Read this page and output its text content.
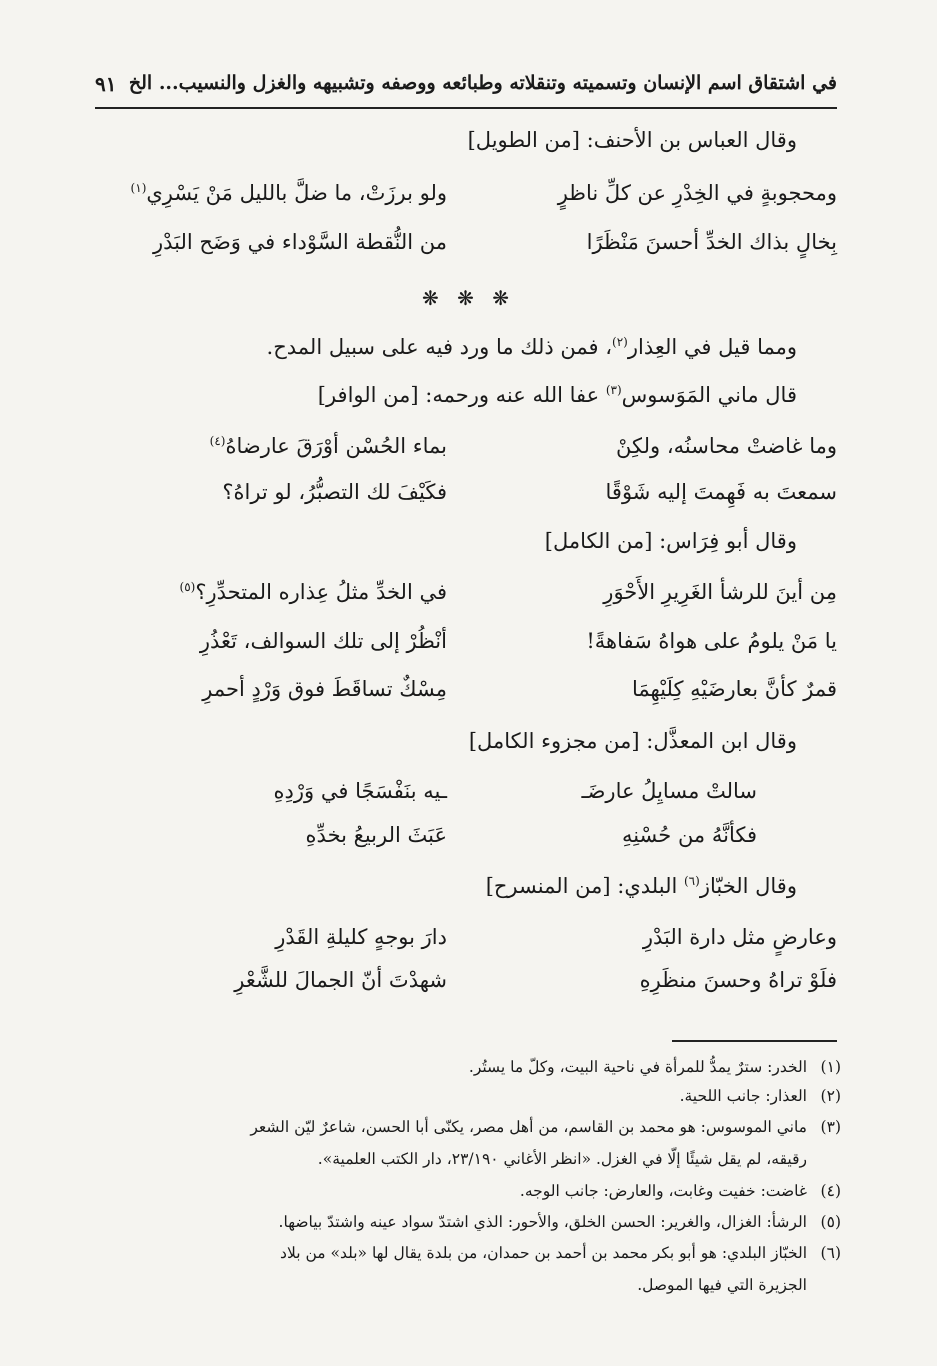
في اشتقاق اسم الإنسان وتسميته وتنقلاته وطبائعه ووصفه وتشبيهه والغزل والنسيب... الخ
٩١
وقال العباس بن الأحنف: [من الطويل]
ومحجوبةٍ في الخِدْرِ عن كلِّ ناظرٍ
ولو برزَتْ، ما ضلَّ بالليل مَنْ يَسْرِي$^{(١)}$
بِخالٍ بذاك الخدِّ أحسنَ مَنْظَرًا
من النُّقطة السَّوْداء في وَضَح البَدْرِ
❋ ❋ ❋
ومما قيل في العِذار$^{(٢)}$، فمن ذلك ما ورد فيه على سبيل المدح.
قال ماني المَوَسوس$^{(٣)}$ عفا الله عنه ورحمه: [من الوافر]
وما غاضتْ محاسنُه، ولكِنْ
بماء الحُسْن أوْرَقَ عارضاهُ$^{(٤)}$
سمعتَ به فَهِمتَ إليه شَوْقًا
فكَيْفَ لك التصبُّرُ، لو تراهُ؟
وقال أبو فِرَاس: [من الكامل]
مِن أينَ للرشأ الغَرِيرِ الأَحْوَرِ
في الخدِّ مثلُ عِذاره المتحدِّرِ؟$^{(٥)}$
يا مَنْ يلومُ على هواهُ سَفاهةً!
أنْظُرْ إلى تلك السوالف، تَعْذُرِ
قمرٌ كأنَّ بعارضَيْهِ كِلَيْهِمَا
مِسْكٌ تساقَطَ فوق وَرْدٍ أحمرِ
وقال ابن المعذَّل: [من مجزوء الكامل]
سالتْ مسايِلُ عارضَـ
ـيه بنَفْسَجًا في وَرْدِهِ
فكأنَّهُ من حُسْنِهِ
عَبَثَ الربيعُ بخدِّهِ
وقال الخبّاز$^{(٦)}$ البلدي: [من المنسرح]
وعارضٍ مثل دارة البَدْرِ
دارَ بوجهٍ كليلةِ القَدْرِ
فلَوْ تراهُ وحسنَ منظَرِهِ
شهدْتَ أنّ الجمالَ للشَّعْرِ
(١)الخدر: سترٌ يمدُّ للمرأة في ناحية البيت، وكلّ ما يستُر.
(٢)العذار: جانب اللحية.
(٣)ماني الموسوس: هو محمد بن القاسم، من أهل مصر، يكنّى أبا الحسن، شاعرٌ ليّن الشعر
رقيقه، لم يقل شيئًا إلّا في الغزل. «انظر الأغاني ٢٣/١٩٠، دار الكتب العلمية».
(٤)غاضت: خفيت وغابت، والعارض: جانب الوجه.
(٥)الرشأ: الغزال، والغرير: الحسن الخلق، والأحور: الذي اشتدّ سواد عينه واشتدّ بياضها.
(٦)الخبّاز البلدي: هو أبو بكر محمد بن أحمد بن حمدان، من بلدة يقال لها «بلد» من بلاد
الجزيرة التي فيها الموصل.
